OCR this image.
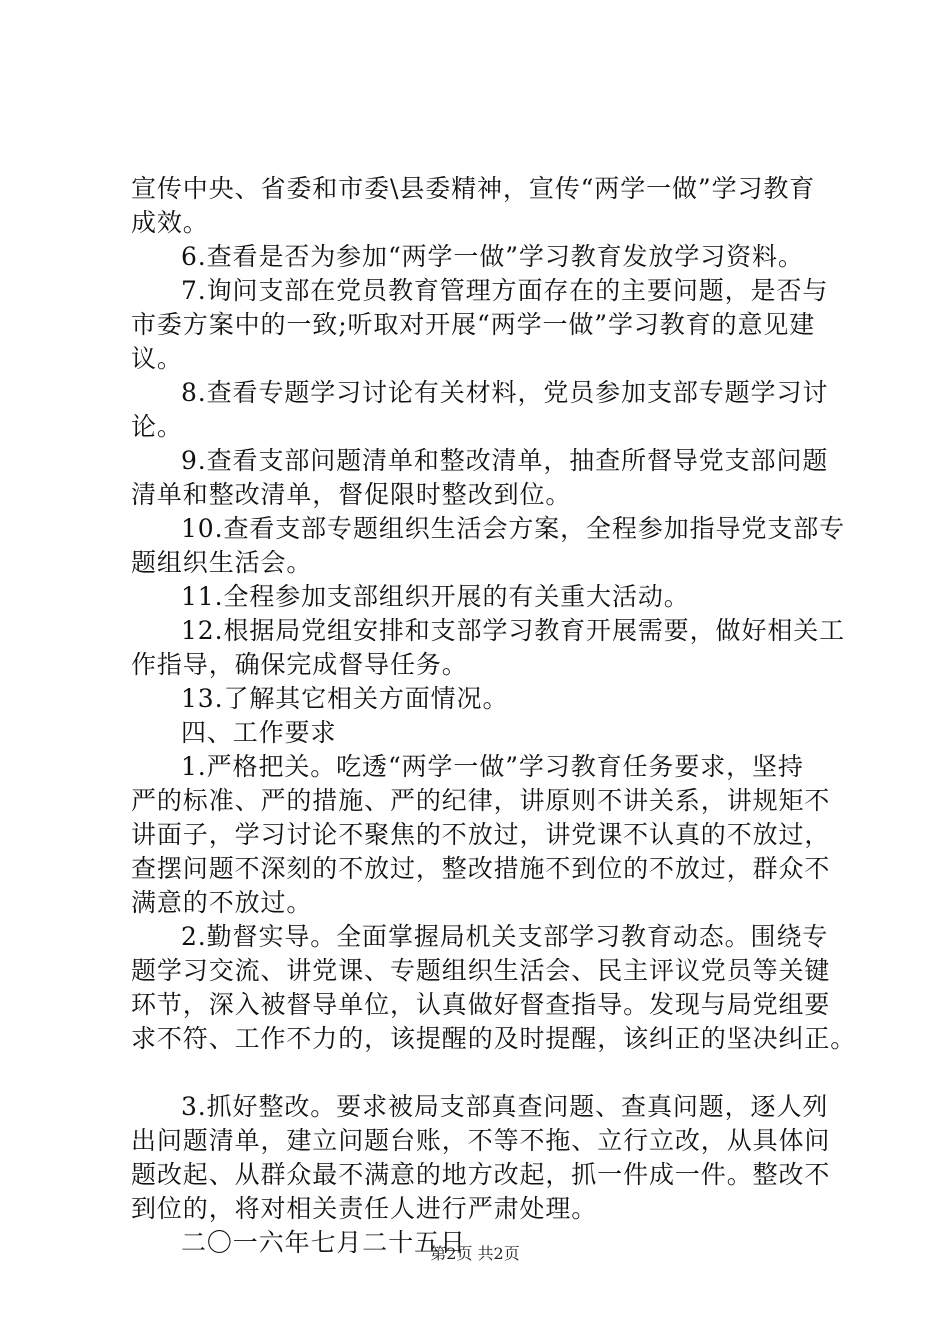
宣传中央、省委和市委\县委精神，宣传“两学一做”学习教育
成效。
6.查看是否为参加“两学一做”学习教育发放学习资料。
7.询问支部在党员教育管理方面存在的主要问题，是否与
市委方案中的一致;听取对开展“两学一做”学习教育的意见建
议。
8.查看专题学习讨论有关材料，党员参加支部专题学习讨
论。
9.查看支部问题清单和整改清单，抽查所督导党支部问题
清单和整改清单，督促限时整改到位。
10.查看支部专题组织生活会方案，全程参加指导党支部专
题组织生活会。
11.全程参加支部组织开展的有关重大活动。
12.根据局党组安排和支部学习教育开展需要，做好相关工
作指导，确保完成督导任务。
13.了解其它相关方面情况。
四、工作要求
1.严格把关。吃透“两学一做”学习教育任务要求，坚持
严的标准、严的措施、严的纪律，讲原则不讲关系，讲规矩不
讲面子，学习讨论不聚焦的不放过，讲党课不认真的不放过，
查摆问题不深刻的不放过，整改措施不到位的不放过，群众不
满意的不放过。
2.勤督实导。全面掌握局机关支部学习教育动态。围绕专
题学习交流、讲党课、专题组织生活会、民主评议党员等关键
环节，深入被督导单位，认真做好督查指导。发现与局党组要
求不符、工作不力的，该提醒的及时提醒，该纠正的坚决纠正。
3.抓好整改。要求被局支部真查问题、查真问题，逐人列
出问题清单，建立问题台账，不等不拖、立行立改，从具体问
题改起、从群众最不满意的地方改起，抓一件成一件。整改不
到位的，将对相关责任人进行严肃处理。
二〇一六年七月二十五日
第2页 共2页
